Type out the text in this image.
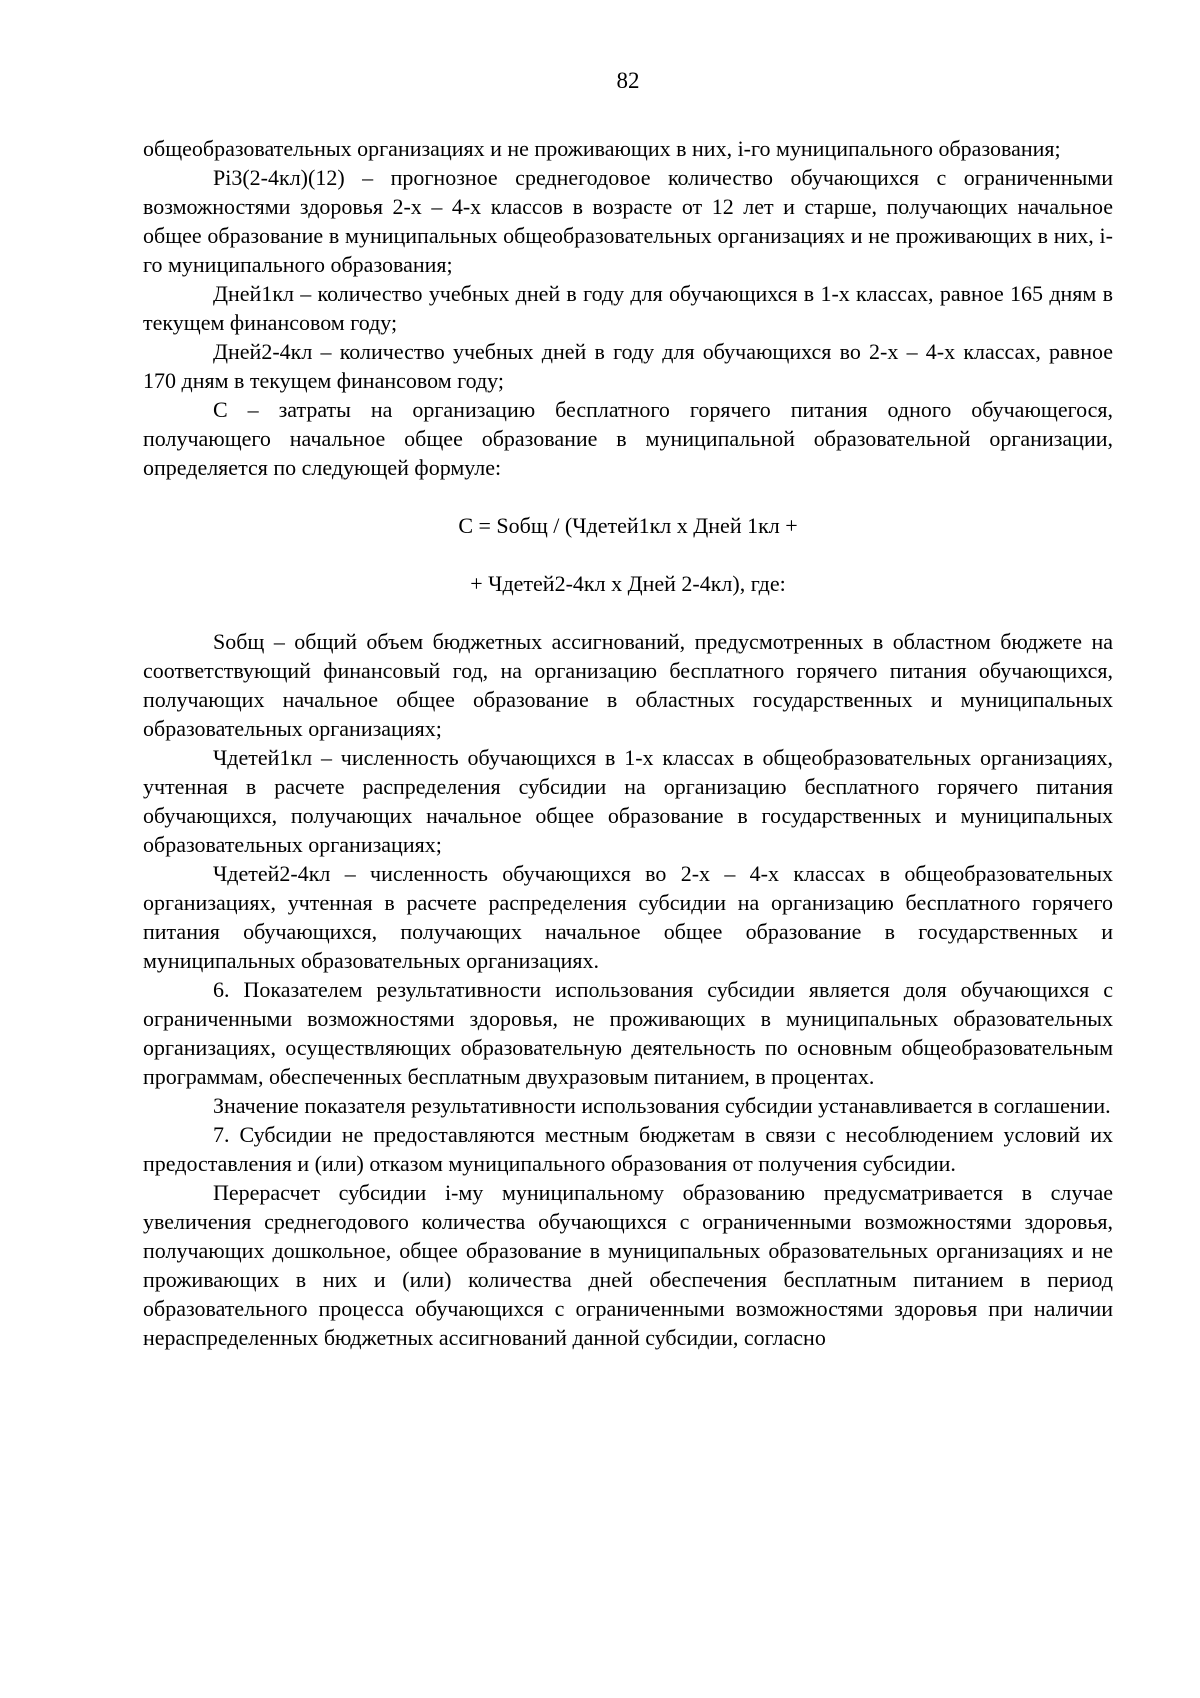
82

общеобразовательных организациях и не проживающих в них, i-го муниципального образования;

Pi3(2-4кл)(12) – прогнозное среднегодовое количество обучающихся с ограниченными возможностями здоровья 2-х – 4-х классов в возрасте от 12 лет и старше, получающих начальное общее образование в муниципальных общеобразовательных организациях и не проживающих в них, i-го муниципального образования;

Дней1кл – количество учебных дней в году для обучающихся в 1-х классах, равное 165 дням в текущем финансовом году;

Дней2-4кл – количество учебных дней в году для обучающихся во 2-х – 4-х классах, равное 170 дням в текущем финансовом году;

С – затраты на организацию бесплатного горячего питания одного обучающегося, получающего начальное общее образование в муниципальной образовательной организации, определяется по следующей формуле:

С = Sобщ / (Чдетей1кл х Дней 1кл +

+ Чдетей2-4кл х Дней 2-4кл), где:

Sобщ – общий объем бюджетных ассигнований, предусмотренных в областном бюджете на соответствующий финансовый год, на организацию бесплатного горячего питания обучающихся, получающих начальное общее образование в областных государственных и муниципальных образовательных организациях;

Чдетей1кл – численность обучающихся в 1-х классах в общеобразовательных организациях, учтенная в расчете распределения субсидии на организацию бесплатного горячего питания обучающихся, получающих начальное общее образование в государственных и муниципальных образовательных организациях;

Чдетей2-4кл – численность обучающихся во 2-х – 4-х классах в общеобразовательных организациях, учтенная в расчете распределения субсидии на организацию бесплатного горячего питания обучающихся, получающих начальное общее образование в государственных и муниципальных образовательных организациях.

6. Показателем результативности использования субсидии является доля обучающихся с ограниченными возможностями здоровья, не проживающих в муниципальных образовательных организациях, осуществляющих образовательную деятельность по основным общеобразовательным программам, обеспеченных бесплатным двухразовым питанием, в процентах.

Значение показателя результативности использования субсидии устанавливается в соглашении.

7. Субсидии не предоставляются местным бюджетам в связи с несоблюдением условий их предоставления и (или) отказом муниципального образования от получения субсидии.

Перерасчет субсидии i-му муниципальному образованию предусматривается в случае увеличения среднегодового количества обучающихся с ограниченными возможностями здоровья, получающих дошкольное, общее образование в муниципальных образовательных организациях и не проживающих в них и (или) количества дней обеспечения бесплатным питанием в период образовательного процесса обучающихся с ограниченными возможностями здоровья при наличии нераспределенных бюджетных ассигнований данной субсидии, согласно
